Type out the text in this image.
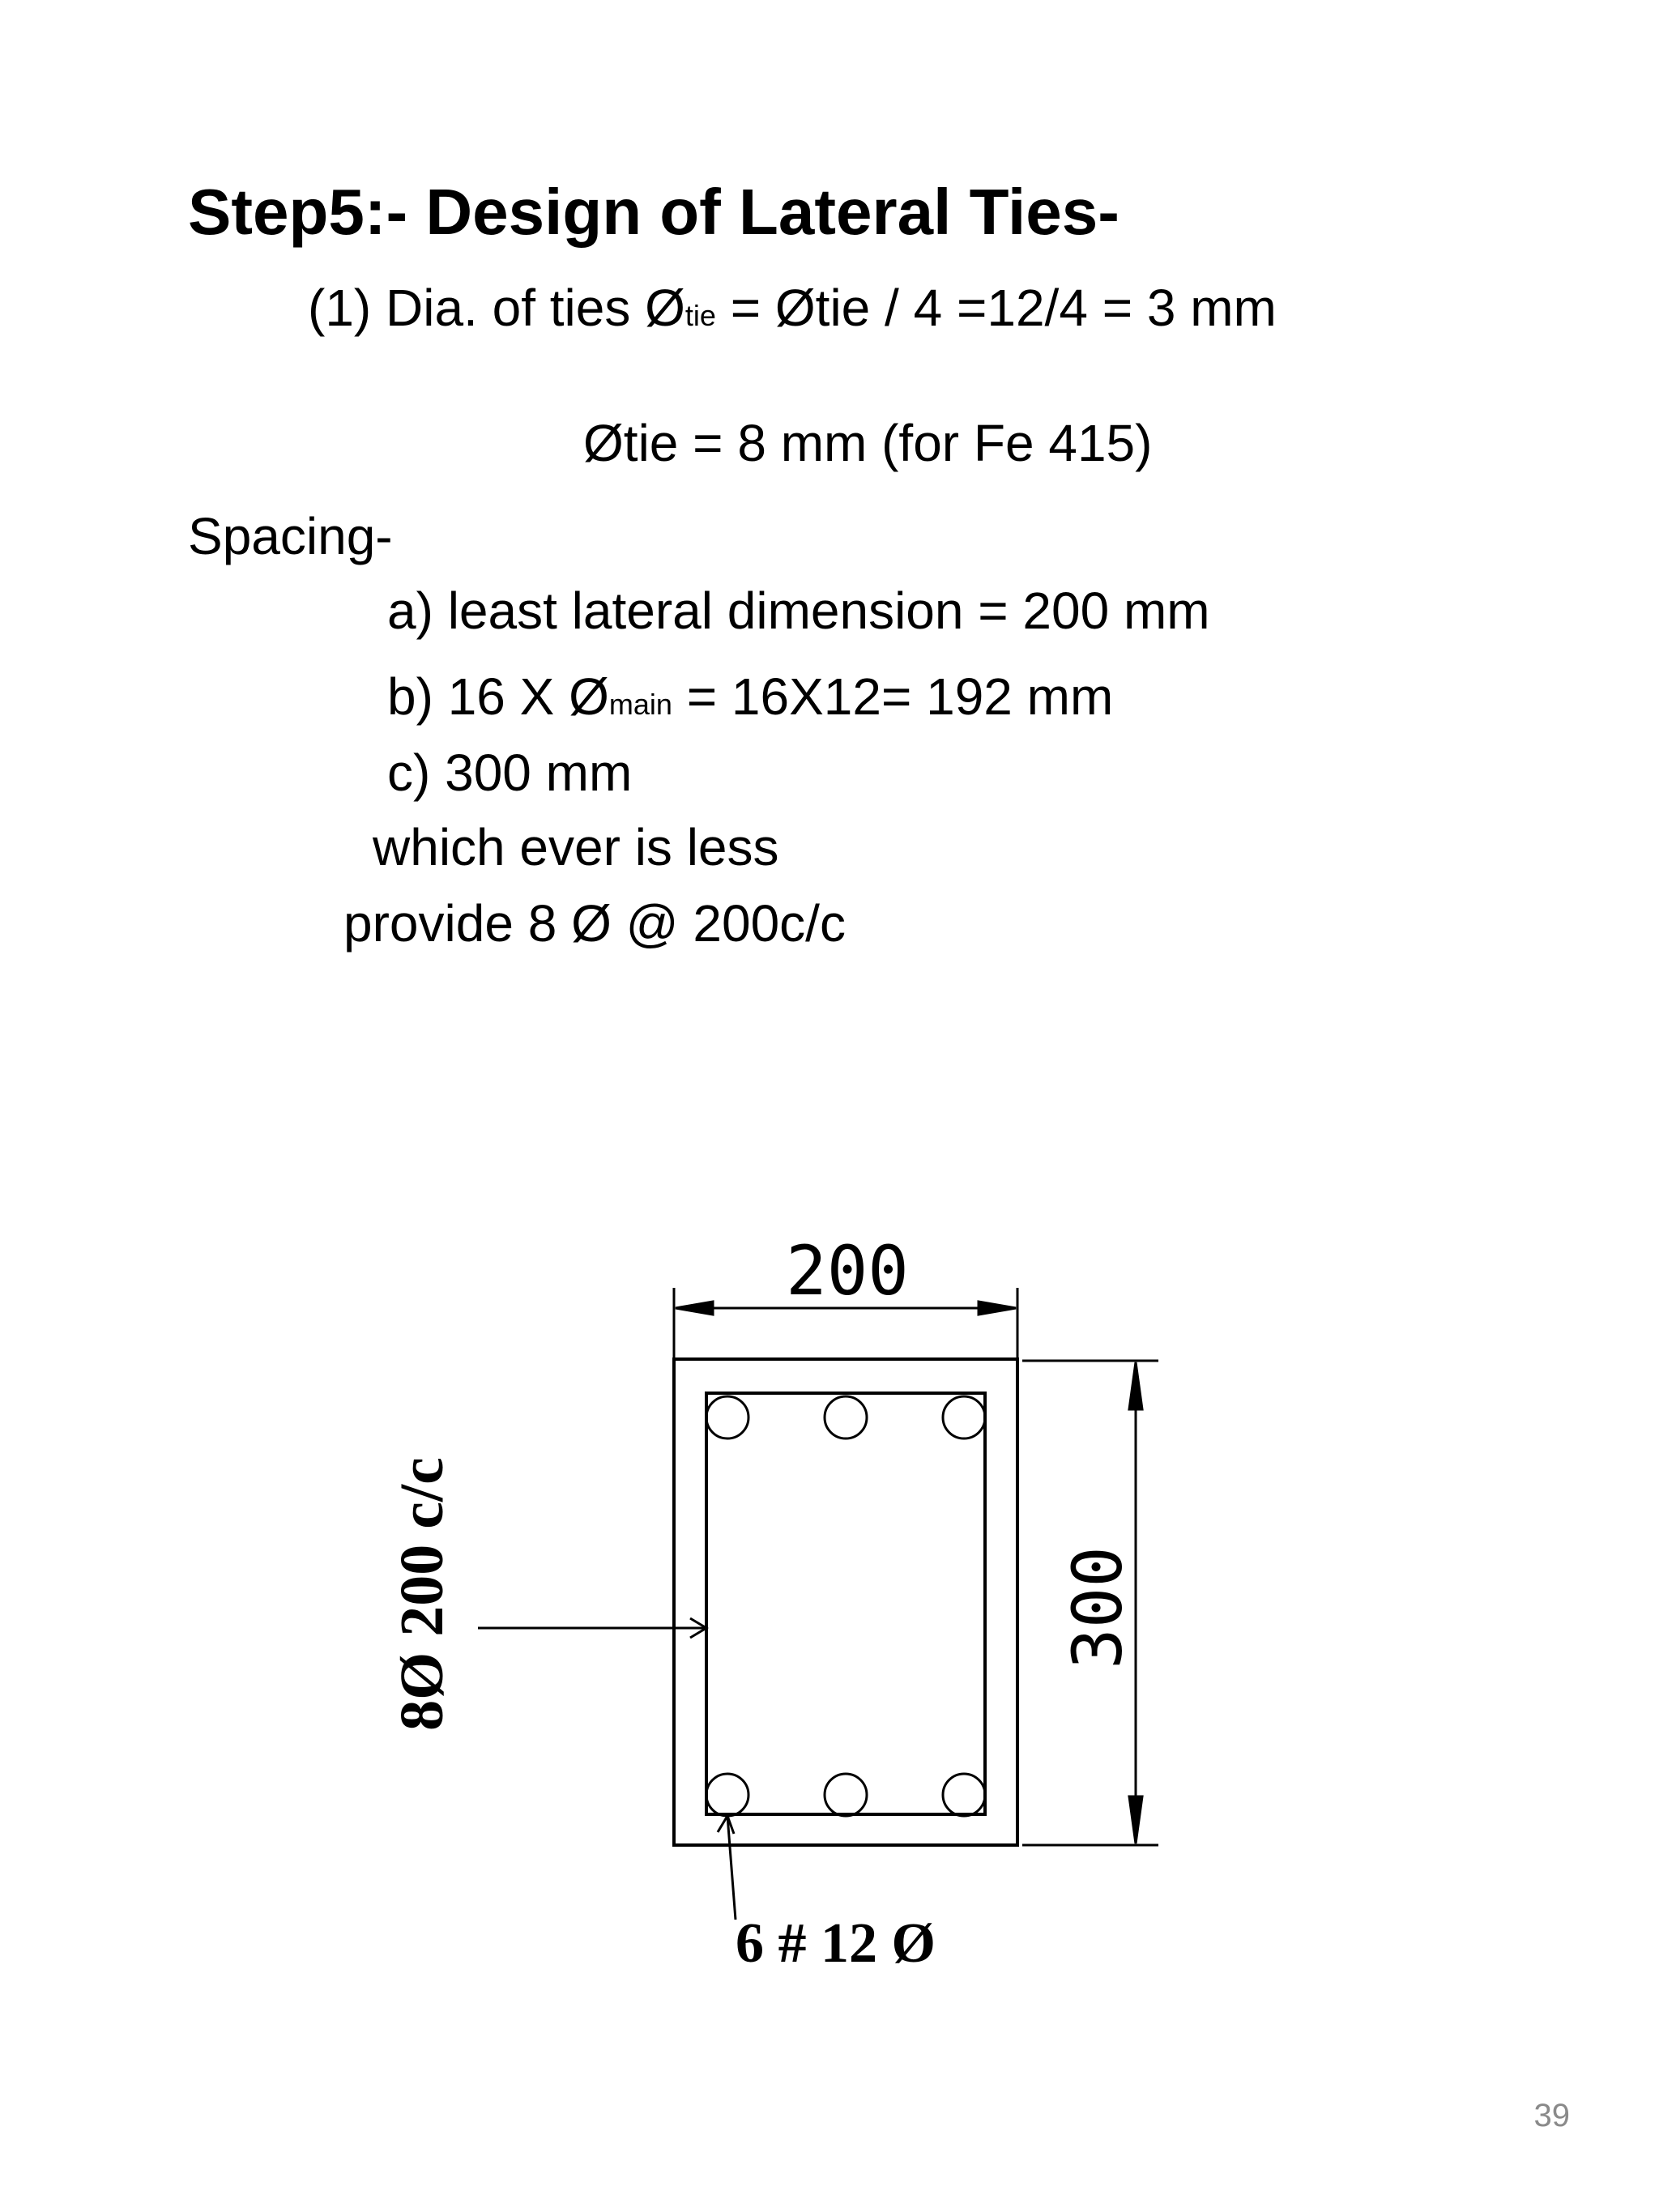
Step5:- Design of Lateral Ties-
(1) Dia. of ties Øtie = Øtie / 4 =12/4 = 3 mm
Øtie = 8 mm (for Fe 415)
Spacing-
a) least lateral dimension = 200 mm
b) 16 X Ømain = 16X12= 192 mm
c) 300 mm
which ever is less
provide 8 Ø @ 200c/c
200
300
8Ø 200 c/c
6 # 12 Ø
39
